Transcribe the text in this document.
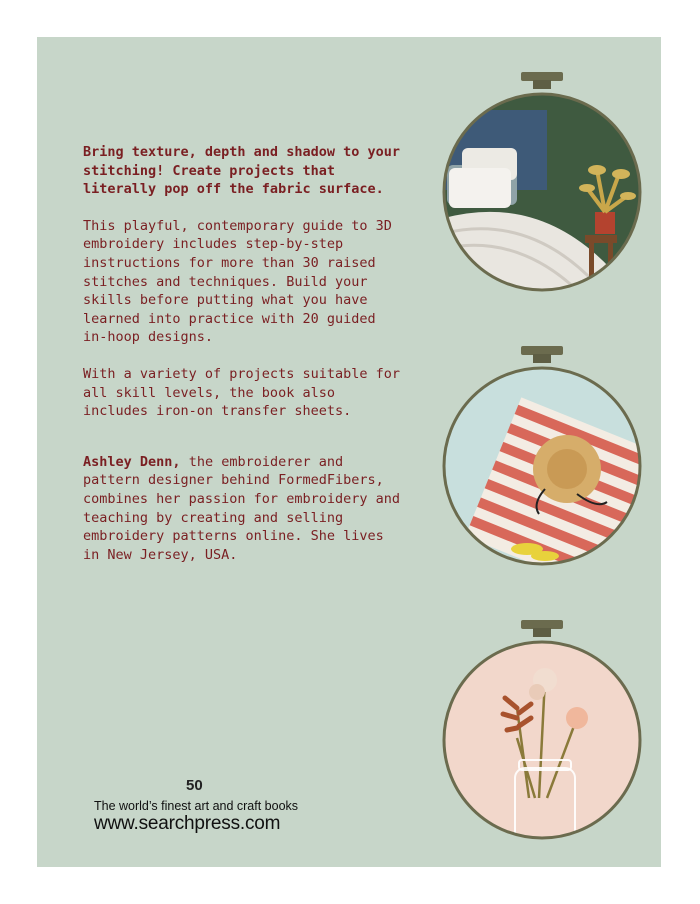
Bring texture, depth and shadow to your stitching! Create projects that literally pop off the fabric surface.

This playful, contemporary guide to 3D embroidery includes step-by-step instructions for more than 30 raised stitches and techniques. Build your skills before putting what you have learned into practice with 20 guided in-hoop designs.

With a variety of projects suitable for all skill levels, the book also includes iron-on transfer sheets.

Ashley Denn, the embroiderer and pattern designer behind FormedFibers, combines her passion for embroidery and teaching by creating and selling embroidery patterns online. She lives in New Jersey, USA.

50
The world’s finest art and craft books
www.searchpress.com
